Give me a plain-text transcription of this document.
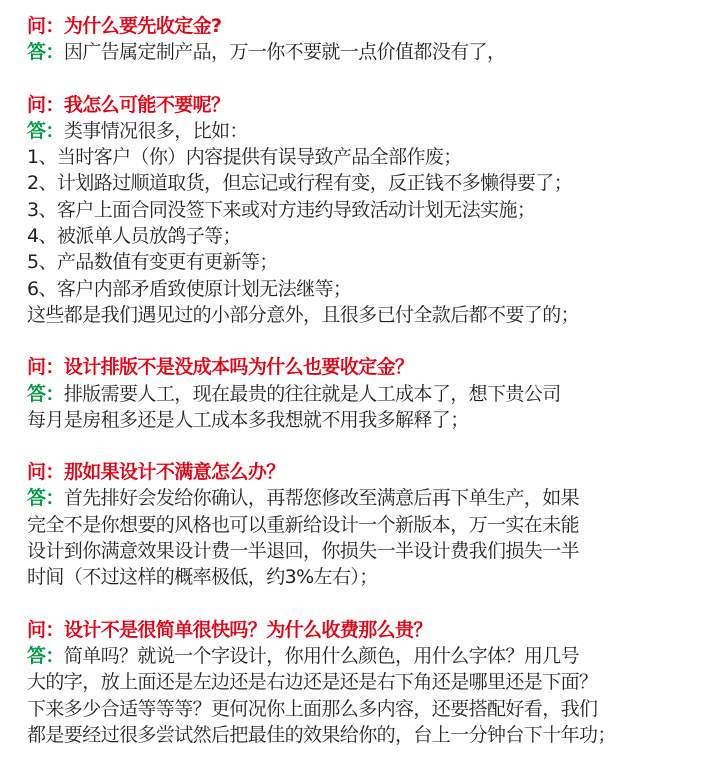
问：为什么要先收定金?
答：因广告属定制产品，万一你不要就一点价值都没有了，
问：我怎么可能不要呢？
答：类事情况很多，比如：
1、当时客户（你）内容提供有误导致产品全部作废；
2、计划路过顺道取货，但忘记或行程有变，反正钱不多懒得要了；
3、客户上面合同没签下来或对方违约导致活动计划无法实施；
4、被派单人员放鸽子等；
5、产品数值有变更有更新等；
6、客户内部矛盾致使原计划无法继等；
这些都是我们遇见过的小部分意外，且很多已付全款后都不要了的；
问：设计排版不是没成本吗为什么也要收定金？
答：排版需要人工，现在最贵的往往就是人工成本了，想下贵公司
每月是房租多还是人工成本多我想就不用我多解释了；
问：那如果设计不满意怎么办？
答：首先排好会发给你确认，再帮您修改至满意后再下单生产，如果
完全不是你想要的风格也可以重新给设计一个新版本，万一实在未能
设计到你满意效果设计费一半退回，你损失一半设计费我们损失一半
时间（不过这样的概率极低，约3%左右）；
问：设计不是很简单很快吗？为什么收费那么贵？
答：简单吗？就说一个字设计，你用什么颜色，用什么字体？用几号
大的字，放上面还是左边还是右边还是还是右下角还是哪里还是下面？
下来多少合适等等等？更何况你上面那么多内容，还要搭配好看，我们
都是要经过很多尝试然后把最佳的效果给你的，台上一分钟台下十年功；
